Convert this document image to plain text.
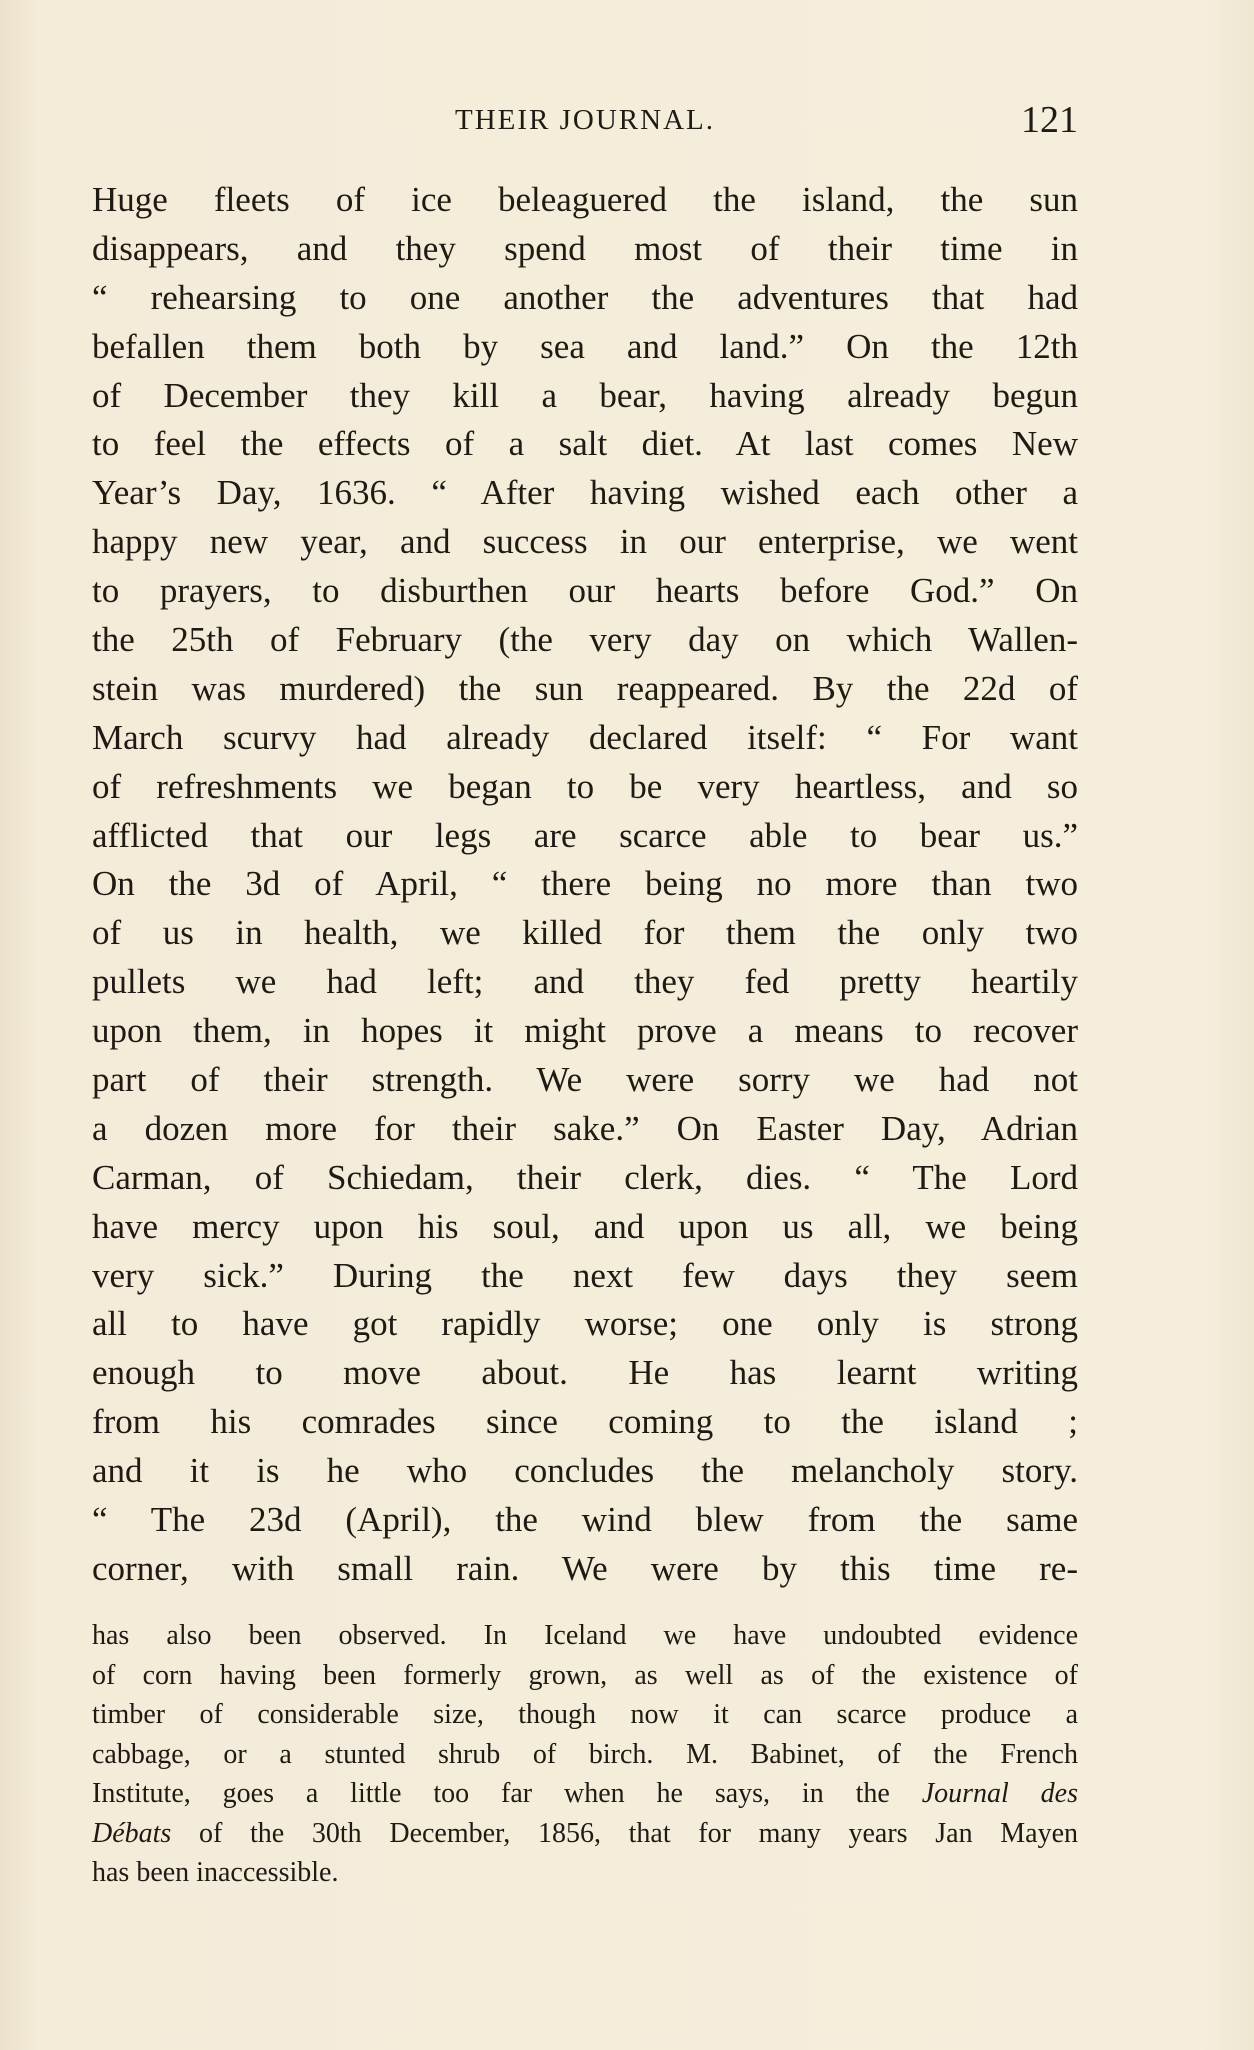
THEIR JOURNAL.	121
Huge fleets of ice beleaguered the island, the sun
disappears, and they spend most of their time in
“ rehearsing to one another the adventures that had
befallen them both by sea and land.” On the 12th
of December they kill a bear, having already begun
to feel the effects of a salt diet. At last comes New
Year’s Day, 1636. “ After having wished each other a
happy new year, and success in our enterprise, we went
to prayers, to disburthen our hearts before God.” On
the 25th of February (the very day on which Wallen-
stein was murdered) the sun reappeared. By the 22d of
March scurvy had already declared itself: “ For want
of refreshments we began to be very heartless, and so
afflicted that our legs are scarce able to bear us.”
On the 3d of April, “ there being no more than two
of us in health, we killed for them the only two
pullets we had left; and they fed pretty heartily
upon them, in hopes it might prove a means to recover
part of their strength. We were sorry we had not
a dozen more for their sake.” On Easter Day, Adrian
Carman, of Schiedam, their clerk, dies. “ The Lord
have mercy upon his soul, and upon us all, we being
very sick.” During the next few days they seem
all to have got rapidly worse; one only is strong
enough to move about. He has learnt writing
from his comrades since coming to the island ;
and it is he who concludes the melancholy story.
“ The 23d (April), the wind blew from the same
corner, with small rain. We were by this time re-
has also been observed. In Iceland we have undoubted evidence
of corn having been formerly grown, as well as of the existence of
timber of considerable size, though now it can scarce produce a
cabbage, or a stunted shrub of birch. M. Babinet, of the French
Institute, goes a little too far when he says, in the Journal des
Débats of the 30th December, 1856, that for many years Jan Mayen
has been inaccessible.
